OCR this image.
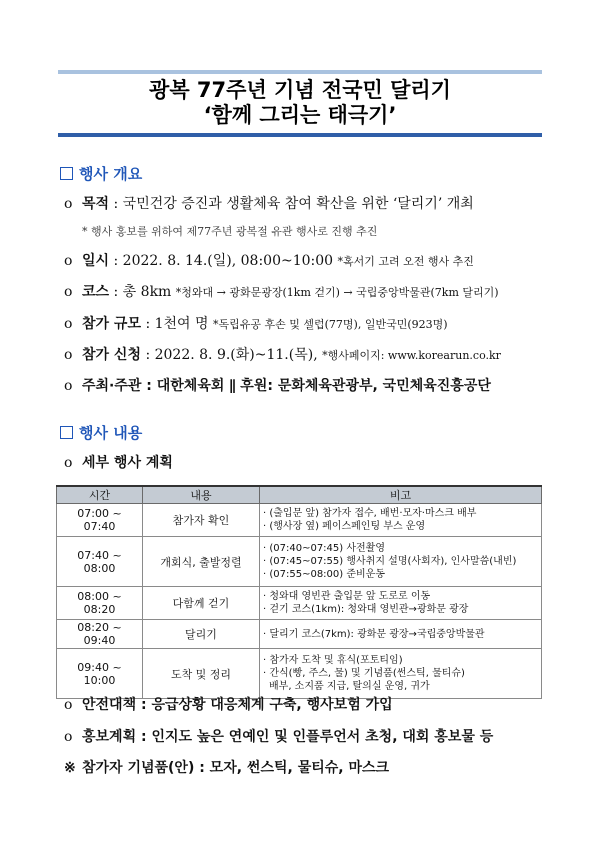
광복 77주년 기념 전국민 달리기
‘함께 그리는 태극기’
행사 개요
o 목적 : 국민건강 증진과 생활체육 참여 확산을 위한 ‘달리기’ 개최
* 행사 홍보를 위하여 제77주년 광복절 유관 행사로 진행 추진
o 일시 : 2022. 8. 14.(일), 08:00~10:00 *혹서기 고려 오전 행사 추진
o 코스 : 총 8km *청와대 → 광화문광장(1km 걷기) → 국립중앙박물관(7km 달리기)
o 참가 규모 : 1천여 명 *독립유공 후손 및 셀럽(77명), 일반국민(923명)
o 참가 신청 : 2022. 8. 9.(화)~11.(목), *행사페이지: www.korearun.co.kr
o 주최·주관 : 대한체육회 ∥ 후원: 문화체육관광부, 국민체육진흥공단
행사 내용
o 세부 행사 계획
시간	내용	비고
07:00 ~ 07:40	참가자 확인	· (출입문 앞) 참가자 접수, 배번·모자·마스크 배부
· (행사장 옆) 페이스페인팅 부스 운영

07:40 ~ 08:00	개회식, 출발정렬	· (07:40~07:45) 사전촬영
· (07:45~07:55) 행사취지 설명(사회자), 인사말씀(내빈)
· (07:55~08:00) 준비운동

08:00 ~ 08:20	다함께 걷기	· 청와대 영빈관 출입문 앞 도로로 이동
· 걷기 코스(1km): 청와대 영빈관→광화문 광장

08:20 ~ 09:40	달리기	· 달리기 코스(7km): 광화문 광장→국립중앙박물관

09:40 ~ 10:00	도착 및 정리	· 참가자 도착 및 휴식(포토티임)
· 간식(빵, 주스, 물) 및 기념품(썬스틱, 물티슈)
배부, 소지품 지급, 탈의실 운영, 귀가
o 안전대책 : 응급상황 대응체계 구축, 행사보험 가입
o 홍보계획 : 인지도 높은 연예인 및 인플루언서 초청, 대회 홍보물 등
※ 참가자 기념품(안) : 모자, 썬스틱, 물티슈, 마스크
